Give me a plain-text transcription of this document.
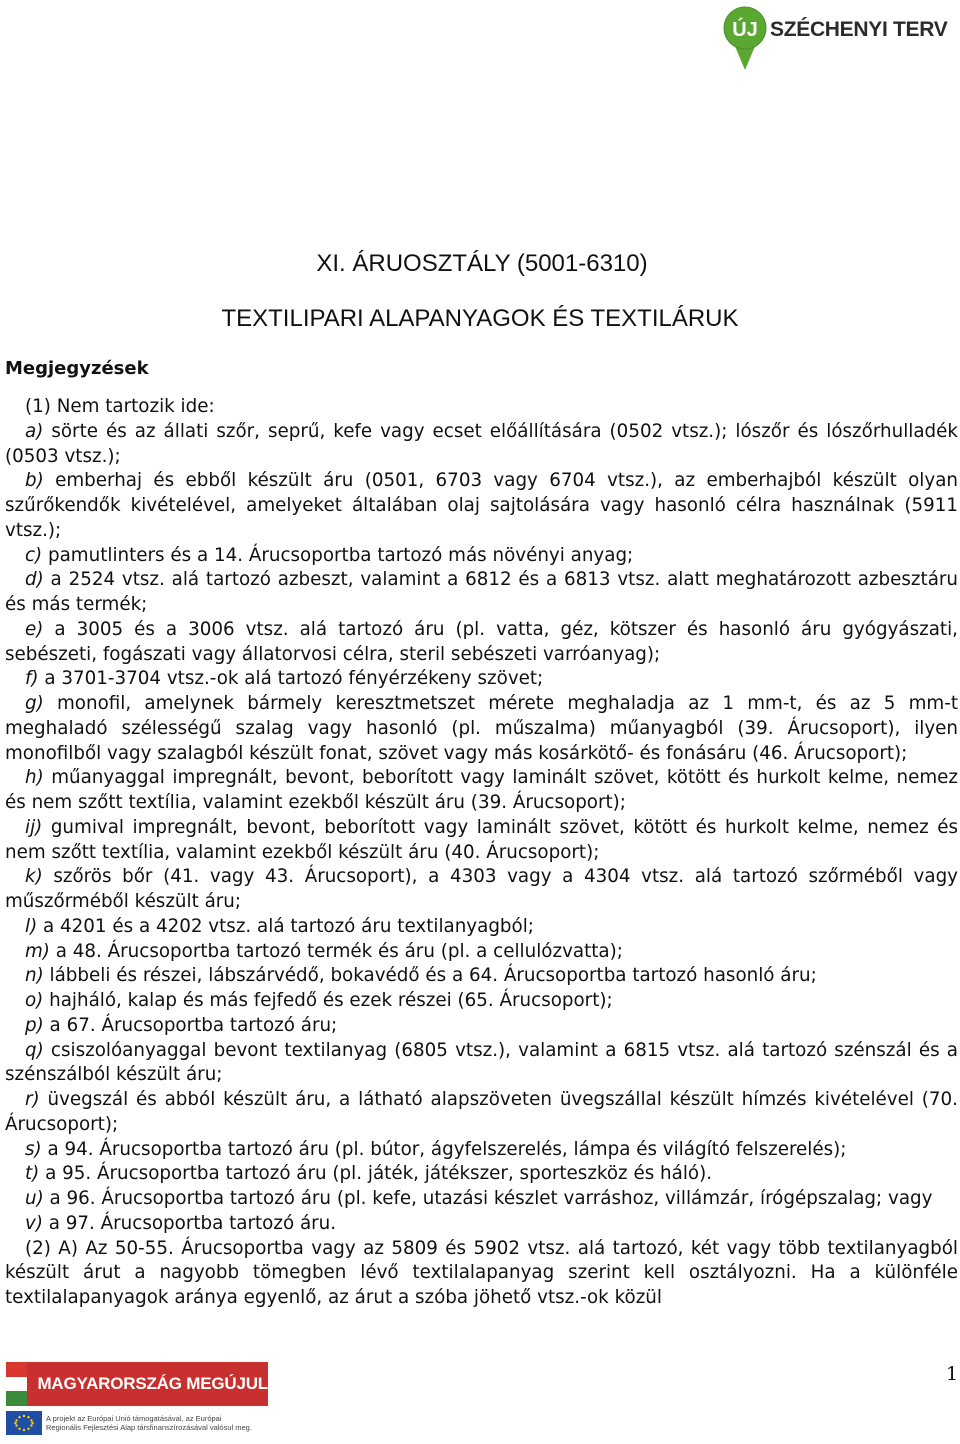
ÚJ SZÉCHENYI TERV
XI. ÁRUOSZTÁLY (5001-6310)
TEXTILIPARI ALAPANYAGOK ÉS TEXTILÁRUK
Megjegyzések

(1) Nem tartozik ide:

a) sörte és az állati szőr, seprű, kefe vagy ecset előállítására (0502 vtsz.); lószőr és lószőrhulladék (0503 vtsz.);

b) emberhaj és ebből készült áru (0501, 6703 vagy 6704 vtsz.), az emberhajból készült olyan szűrőkendők kivételével, amelyeket általában olaj sajtolására vagy hasonló célra használnak (5911 vtsz.);

c) pamutlinters és a 14. Árucsoportba tartozó más növényi anyag;

d) a 2524 vtsz. alá tartozó azbeszt, valamint a 6812 és a 6813 vtsz. alatt meghatározott azbesztáru és más termék;

e) a 3005 és a 3006 vtsz. alá tartozó áru (pl. vatta, géz, kötszer és hasonló áru gyógyászati, sebészeti, fogászati vagy állatorvosi célra, steril sebészeti varróanyag);

f) a 3701-3704 vtsz.-ok alá tartozó fényérzékeny szövet;

g) monofil, amelynek bármely keresztmetszet mérete meghaladja az 1 mm-t, és az 5 mm-t meghaladó szélességű szalag vagy hasonló (pl. műszalma) műanyagból (39. Árucsoport), ilyen monofilből vagy szalagból készült fonat, szövet vagy más kosárkötő- és fonásáru (46. Árucsoport);

h) műanyaggal impregnált, bevont, beborított vagy laminált szövet, kötött és hurkolt kelme, nemez és nem szőtt textília, valamint ezekből készült áru (39. Árucsoport);

ij) gumival impregnált, bevont, beborított vagy laminált szövet, kötött és hurkolt kelme, nemez és nem szőtt textília, valamint ezekből készült áru (40. Árucsoport);

k) szőrös bőr (41. vagy 43. Árucsoport), a 4303 vagy a 4304 vtsz. alá tartozó szőrméből vagy műszőrméből készült áru;

l) a 4201 és a 4202 vtsz. alá tartozó áru textilanyagból;

m) a 48. Árucsoportba tartozó termék és áru (pl. a cellulózvatta);

n) lábbeli és részei, lábszárvédő, bokavédő és a 64. Árucsoportba tartozó hasonló áru;

o) hajháló, kalap és más fejfedő és ezek részei (65. Árucsoport);

p) a 67. Árucsoportba tartozó áru;

q) csiszolóanyaggal bevont textilanyag (6805 vtsz.), valamint a 6815 vtsz. alá tartozó szénszál és a szénszálból készült áru;

r) üvegszál és abból készült áru, a látható alapszöveten üvegszállal készült hímzés kivételével (70. Árucsoport);

s) a 94. Árucsoportba tartozó áru (pl. bútor, ágyfelszerelés, lámpa és világító felszerelés);

t) a 95. Árucsoportba tartozó áru (pl. játék, játékszer, sporteszköz és háló).

u) a 96. Árucsoportba tartozó áru (pl. kefe, utazási készlet varráshoz, villámzár, írógépszalag; vagy

v) a 97. Árucsoportba tartozó áru.

(2) A) Az 50-55. Árucsoportba vagy az 5809 és 5902 vtsz. alá tartozó, két vagy több textilanyagból készült árut a nagyobb tömegben lévő textilalapanyag szerint kell osztályozni. Ha a különféle textilalapanyagok aránya egyenlő, az árut a szóba jöhető vtsz.-ok közül

MAGYARORSZÁG MEGÚJUL
A projekt az Európai Unió támogatásával, az Európai
Regionális Fejlesztési Alap társfinanszírozásával valósul meg.
1
